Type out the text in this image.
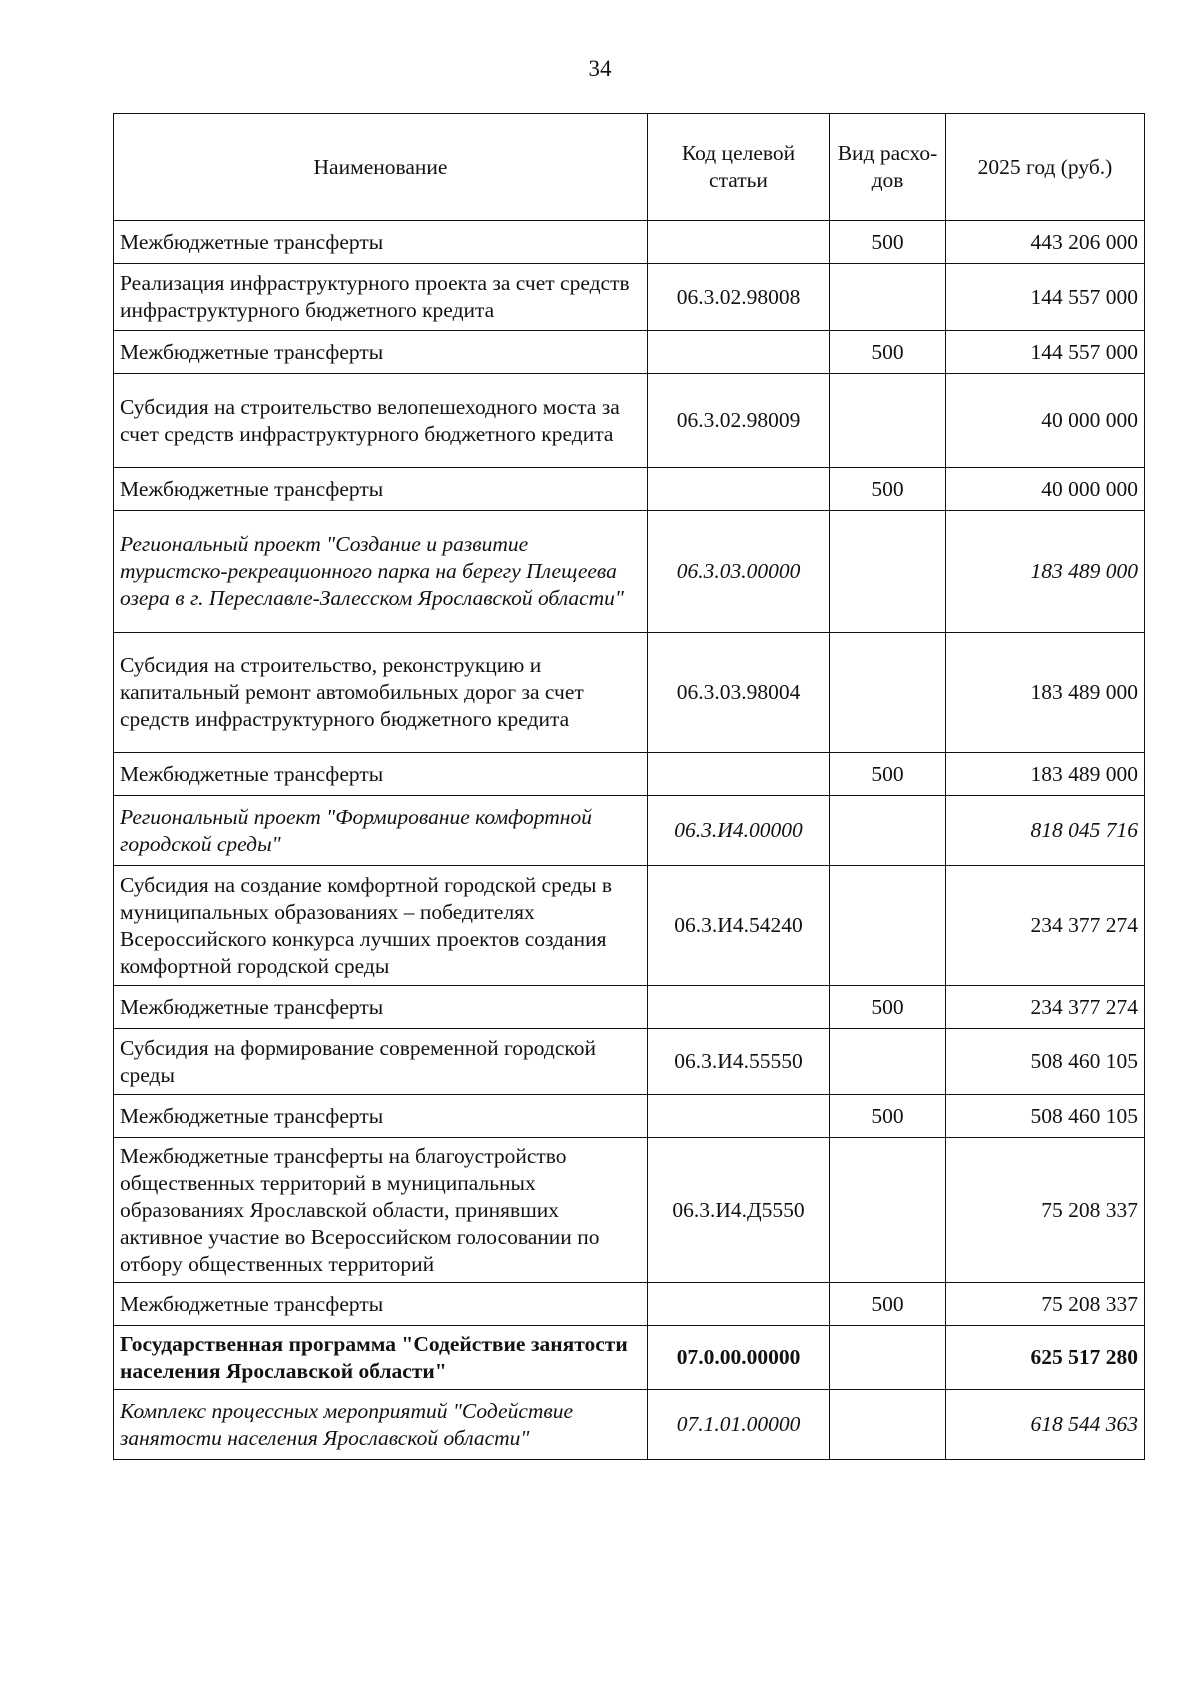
34
Наименование	Код целевой статьи	Вид расхо-дов	2025 год (руб.)
Межбюджетные трансферты		500	443 206 000
Реализация инфраструктурного проекта за счет средств инфраструктурного бюджетного кредита	06.3.02.98008		144 557 000
Межбюджетные трансферты		500	144 557 000
Субсидия на строительство велопешеходного моста за счет средств инфраструктурного бюджетного кредита	06.3.02.98009		40 000 000
Межбюджетные трансферты		500	40 000 000
Региональный проект "Создание и развитие туристско-рекреационного парка на берегу Плещеева озера в г. Переславле-Залесском Ярославской области"	06.3.03.00000		183 489 000
Субсидия на строительство, реконструкцию и капитальный ремонт автомобильных дорог за счет средств инфраструктурного бюджетного кредита	06.3.03.98004		183 489 000
Межбюджетные трансферты		500	183 489 000
Региональный проект "Формирование комфортной городской среды"	06.3.И4.00000		818 045 716
Субсидия на создание комфортной городской среды в муниципальных образованиях – победителях Всероссийского конкурса лучших проектов создания комфортной городской среды	06.3.И4.54240		234 377 274
Межбюджетные трансферты		500	234 377 274
Субсидия на формирование современной городской среды	06.3.И4.55550		508 460 105
Межбюджетные трансферты		500	508 460 105
Межбюджетные трансферты на благоустройство общественных территорий в муниципальных образованиях Ярославской области, принявших активное участие во Всероссийском голосовании по отбору общественных территорий	06.3.И4.Д5550		75 208 337
Межбюджетные трансферты		500	75 208 337
Государственная программа "Содействие занятости населения Ярославской области"	07.0.00.00000		625 517 280
Комплекс процессных мероприятий "Содействие занятости населения Ярославской области"	07.1.01.00000		618 544 363
